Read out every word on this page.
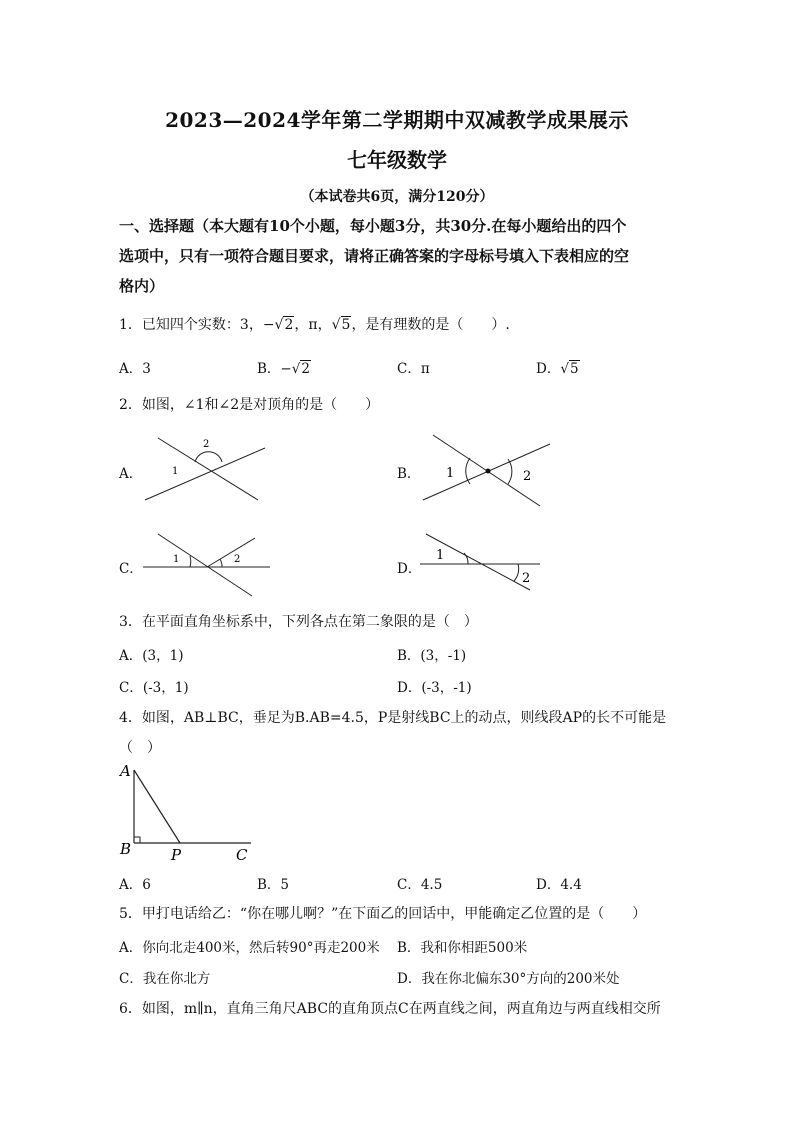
2023—2024学年第二学期期中双减教学成果展示
七年级数学
（本试卷共6页，满分120分）
一、选择题（本大题有10个小题，每小题3分，共30分.在每小题给出的四个
选项中，只有一项符合题目要求，请将正确答案的字母标号填入下表相应的空
格内）
1．已知四个实数：3，−√2，π，√5，是有理数的是（　　）.
A．3	B．−√2	C．π	D．√5
2．如图，∠1和∠2是对顶角的是（　　）
A．
2
1	B． 1	2
C．
1	2
D．
1
2
3．在平面直角坐标系中，下列各点在第二象限的是（　）
A．(3，1)	B．(3，-1)
C．(-3，1)	D．(-3，-1)
4．如图，AB⊥BC，垂足为B.AB=4.5，P是射线BC上的动点，则线段AP的长不可能是
（　）
A
B	P	C
A．6	B．5	C．4.5	D．4.4
5．甲打电话给乙：“你在哪儿啊？”在下面乙的回话中，甲能确定乙位置的是（　　）
A．你向北走400米，然后转90°再走200米 B．我和你相距500米
C．我在你北方	D．我在你北偏东30°方向的200米处
6．如图，m∥n，直角三角尺ABC的直角顶点C在两直线之间，两直角边与两直线相交所
